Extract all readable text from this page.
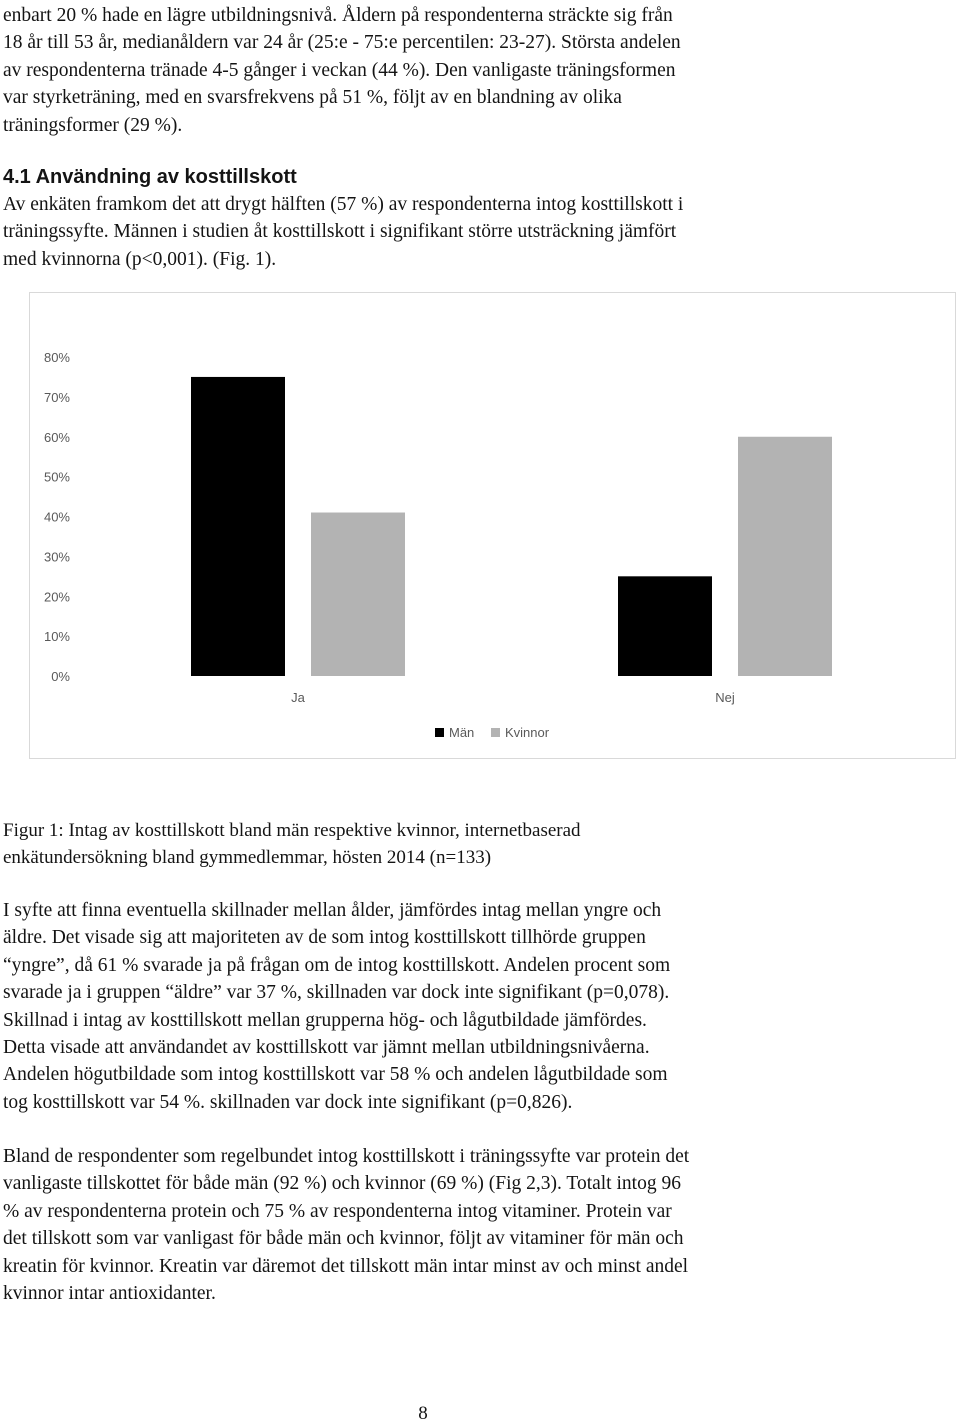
enbart 20 % hade en lägre utbildningsnivå. Åldern på respondenterna sträckte sig från
18 år till 53 år, medianåldern var 24 år (25:e - 75:e percentilen: 23-27). Största andelen
av respondenterna tränade 4-5 gånger i veckan (44 %). Den vanligaste träningsformen
var styrketräning, med en svarsfrekvens på 51 %, följt av en blandning av olika
träningsformer (29 %).
4.1 Användning av kosttillskott
Av enkäten framkom det att drygt hälften (57 %) av respondenterna intog kosttillskott i
träningssyfte. Männen i studien åt kosttillskott i signifikant större utsträckning jämfört
med kvinnorna (p<0,001). (Fig. 1).
0%
10%
20%
30%
40%
50%
60%
70%
80%
Ja	Nej
Män Kvinnor
Figur 1: Intag av kosttillskott bland män respektive kvinnor, internetbaserad
enkätundersökning bland gymmedlemmar, hösten 2014 (n=133)
I syfte att finna eventuella skillnader mellan ålder, jämfördes intag mellan yngre och
äldre. Det visade sig att majoriteten av de som intog kosttillskott tillhörde gruppen
“yngre”, då 61 % svarade ja på frågan om de intog kosttillskott. Andelen procent som
svarade ja i gruppen “äldre” var 37 %, skillnaden var dock inte signifikant (p=0,078).
Skillnad i intag av kosttillskott mellan grupperna hög- och lågutbildade jämfördes.
Detta visade att användandet av kosttillskott var jämnt mellan utbildningsnivåerna.
Andelen högutbildade som intog kosttillskott var 58 % och andelen lågutbildade som
tog kosttillskott var 54 %. skillnaden var dock inte signifikant (p=0,826).
Bland de respondenter som regelbundet intog kosttillskott i träningssyfte var protein det
vanligaste tillskottet för både män (92 %) och kvinnor (69 %) (Fig 2,3). Totalt intog 96
% av respondenterna protein och 75 % av respondenterna intog vitaminer. Protein var
det tillskott som var vanligast för både män och kvinnor, följt av vitaminer för män och
kreatin för kvinnor. Kreatin var däremot det tillskott män intar minst av och minst andel
kvinnor intar antioxidanter.
8
